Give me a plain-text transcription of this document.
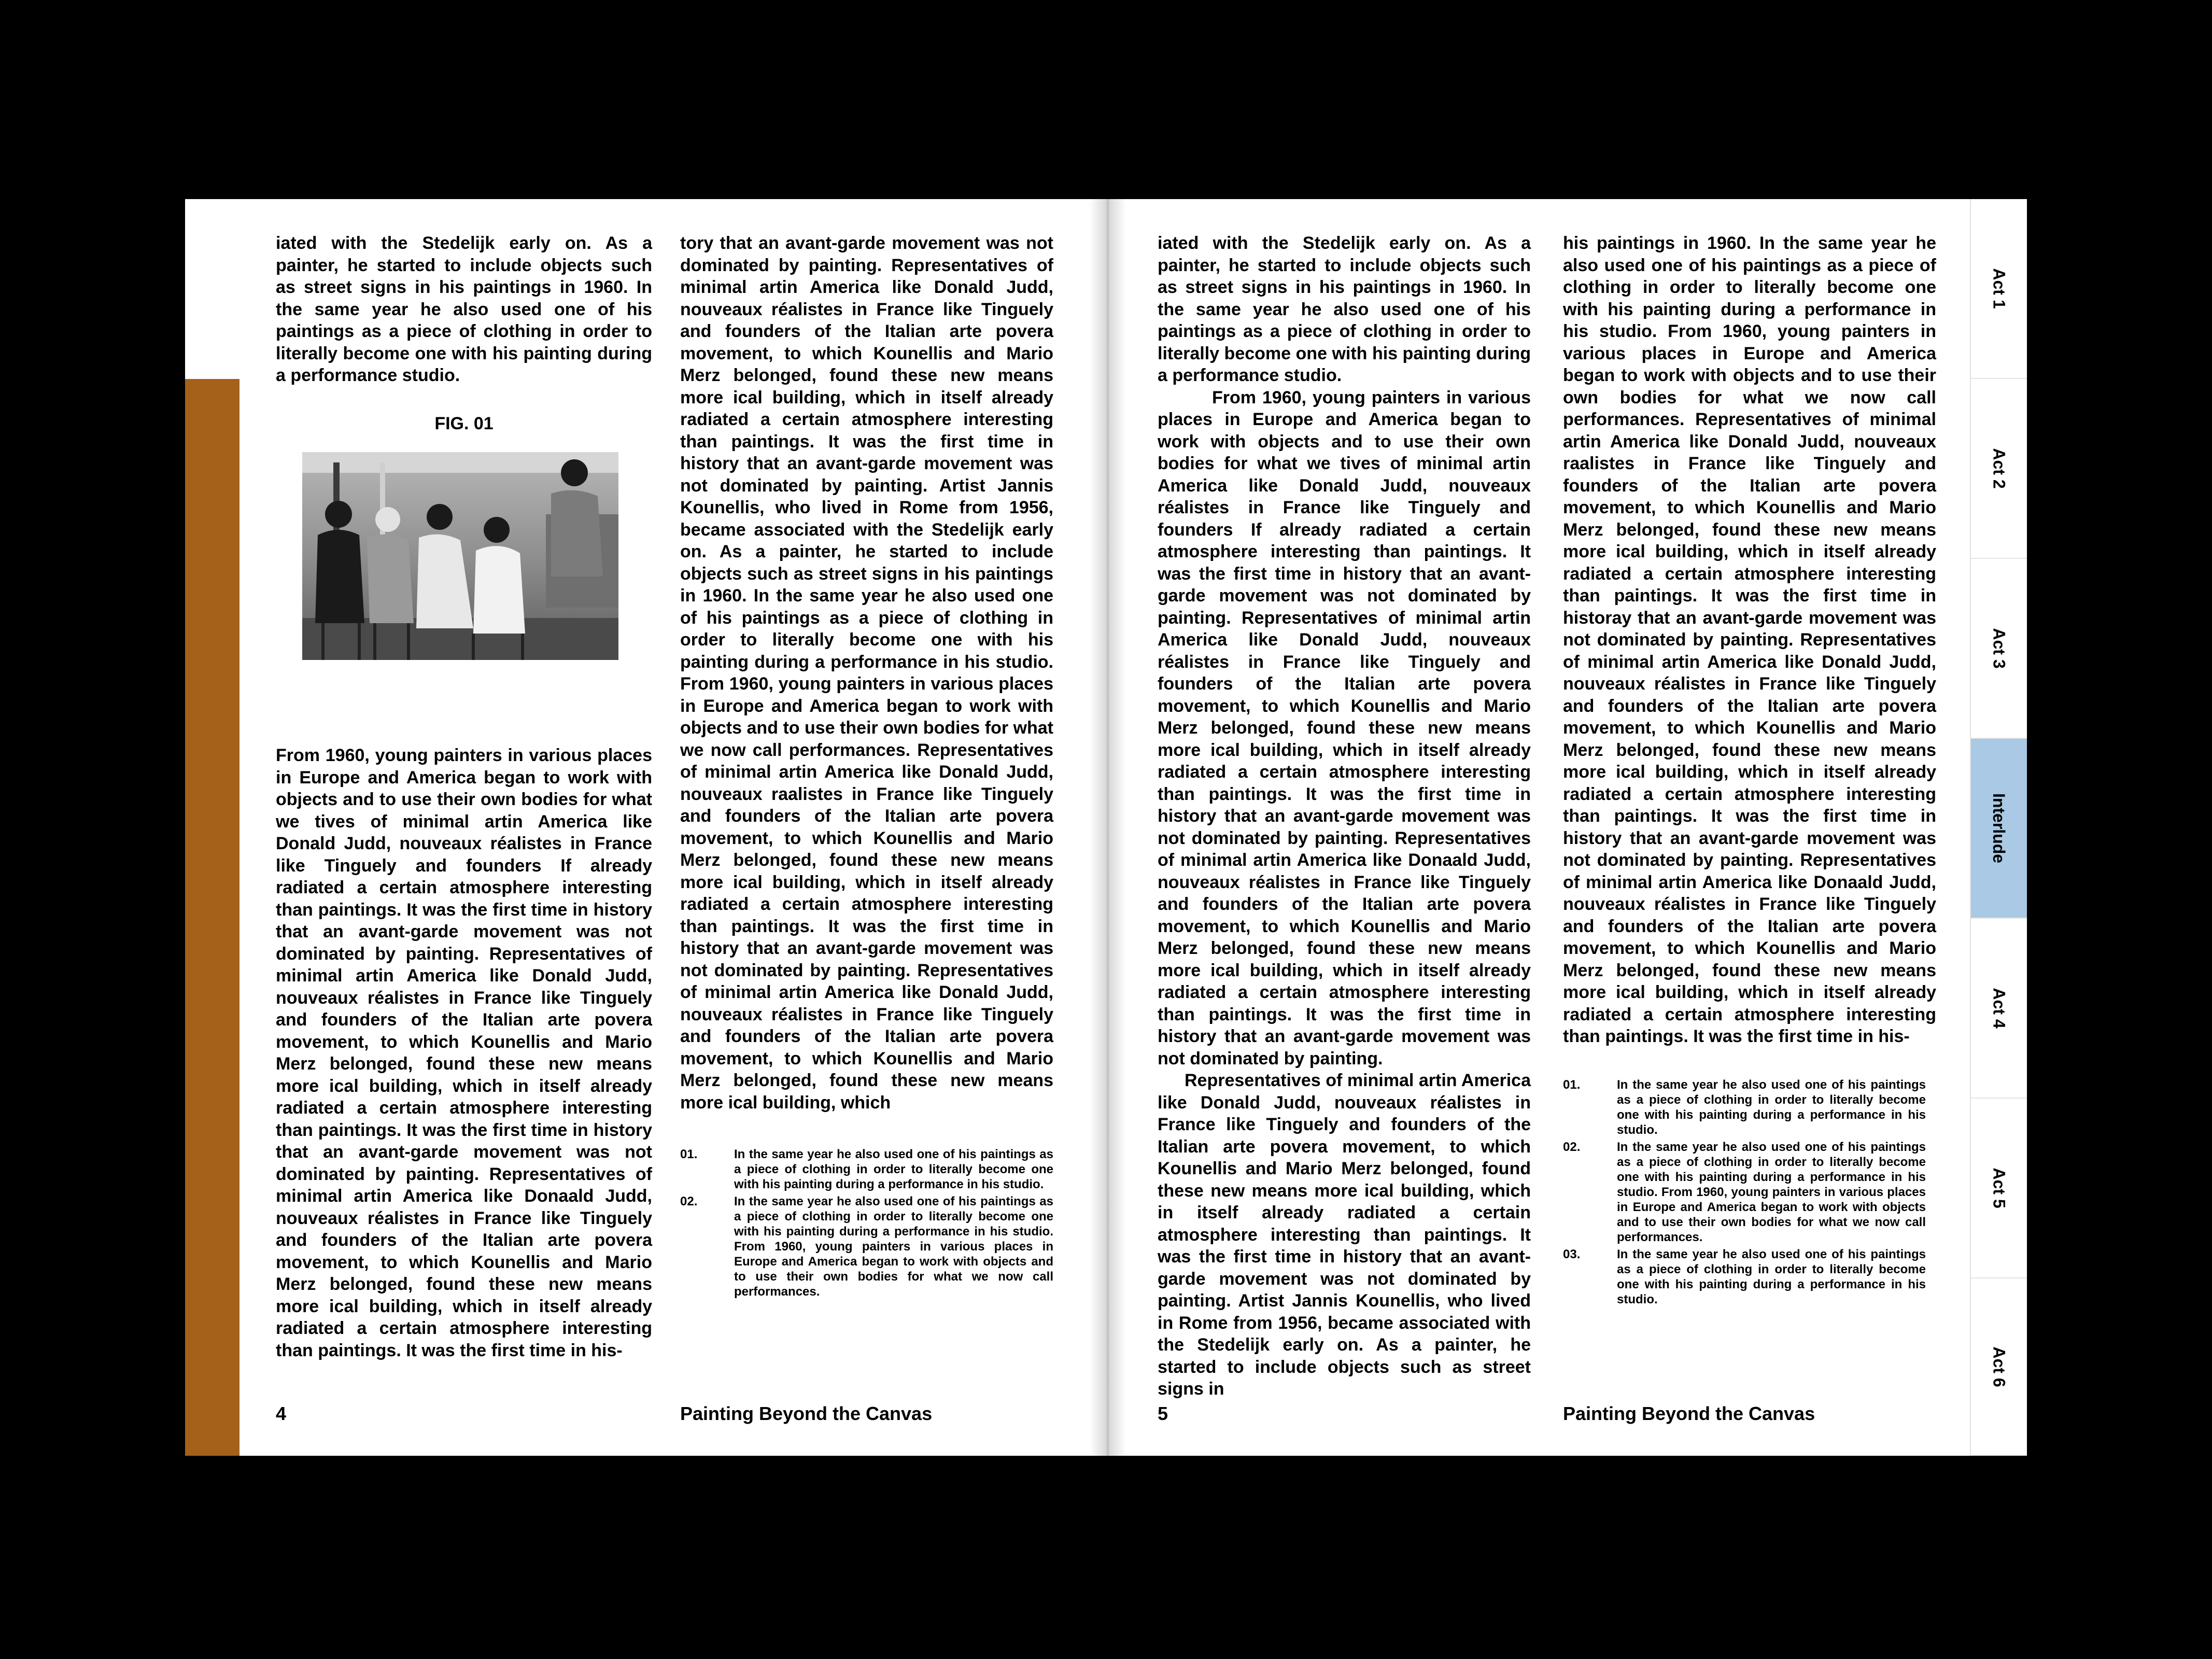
iated with the Stedelijk early on. As a painter, he started to include objects such as street signs in his paintings in 1960. In the same year he also used one of his paintings as a piece of clothing in order to literally become one with his painting during a performance studio.

FIG. 01

From 1960, young painters in various places in Europe and America began to work with objects and to use their own bodies for what we tives of minimal artin America like Donald Judd, nouveaux réalistes in France like Tinguely and founders If already radiated a certain atmosphere interesting than paintings. It was the first time in history that an avant-garde movement was not dominated by painting. Representatives of minimal artin America like Donald Judd, nouveaux réalistes in France like Tinguely and founders of the Italian arte povera movement, to which Kounellis and Mario Merz belonged, found these new means more ical building, which in itself already radiated a certain atmosphere interesting than paintings. It was the first time in history that an avant-garde movement was not dominated by painting. Representatives of minimal artin America like Donaald Judd, nouveaux réalistes in France like Tinguely and founders of the Italian arte povera movement, to which Kounellis and Mario Merz belonged, found these new means more ical building, which in itself already radiated a certain atmosphere interesting than paintings. It was the first time in his-

tory that an avant-garde movement was not dominated by painting. Representatives of minimal artin America like Donald Judd, nouveaux réalistes in France like Tinguely and founders of the Italian arte povera movement, to which Kounellis and Mario Merz belonged, found these new means more ical building, which in itself already radiated a certain atmosphere interesting than paintings. It was the first time in history that an avant-garde movement was not dominated by painting. Artist Jannis Kounellis, who lived in Rome from 1956, became associated with the Stedelijk early on. As a painter, he started to include objects such as street signs in his paintings in 1960. In the same year he also used one of his paintings as a piece of clothing in order to literally become one with his painting during a performance in his studio. From 1960, young painters in various places in Europe and America began to work with objects and to use their own bodies for what we now call performances. Representatives of minimal artin America like Donald Judd, nouveaux raalistes in France like Tinguely and founders of the Italian arte povera movement, to which Kounellis and Mario Merz belonged, found these new means more ical building, which in itself already radiated a certain atmosphere interesting than paintings. It was the first time in history that an avant-garde movement was not dominated by painting. Representatives of minimal artin America like Donald Judd, nouveaux réalistes in France like Tinguely and founders of the Italian arte povera movement, to which Kounellis and Mario Merz belonged, found these new means more ical building, which

01.	In the same year he also used one of his paintings as a piece of clothing in order to literally become one with his painting during a performance in his studio.
02.	In the same year he also used one of his paintings as a piece of clothing in order to literally become one with his painting during a performance in his studio. From 1960, young painters in various places in Europe and America began to work with objects and to use their own bodies for what we now call performances.
4	Painting Beyond the Canvas

iated with the Stedelijk early on. As a painter, he started to include objects such as street signs in his paintings in 1960. In the same year he also used one of his paintings as a piece of clothing in order to literally become one with his painting during a performance studio.

From 1960, young painters in various places in Europe and America began to work with objects and to use their own bodies for what we tives of minimal artin America like Donald Judd, nouveaux réalistes in France like Tinguely and founders If already radiated a certain atmosphere interesting than paintings. It was the first time in history that an avant-garde movement was not dominated by painting. Representatives of minimal artin America like Donald Judd, nouveaux réalistes in France like Tinguely and founders of the Italian arte povera movement, to which Kounellis and Mario Merz belonged, found these new means more ical building, which in itself already radiated a certain atmosphere interesting than paintings. It was the first time in history that an avant-garde movement was not dominated by painting. Representatives of minimal artin America like Donaald Judd, nouveaux réalistes in France like Tinguely and founders of the Italian arte povera movement, to which Kounellis and Mario Merz belonged, found these new means more ical building, which in itself already radiated a certain atmosphere interesting than paintings. It was the first time in history that an avant-garde movement was not dominated by painting.

Representatives of minimal artin America like Donald Judd, nouveaux réalistes in France like Tinguely and founders of the Italian arte povera movement, to which Kounellis and Mario Merz belonged, found these new means more ical building, which in itself already radiated a certain atmosphere interesting than paintings. It was the first time in history that an avant-garde movement was not dominated by painting. Artist Jannis Kounellis, who lived in Rome from 1956, became associated with the Stedelijk early on. As a painter, he started to include objects such as street signs in

his paintings in 1960. In the same year he also used one of his paintings as a piece of clothing in order to literally become one with his painting during a performance in his studio. From 1960, young painters in various places in Europe and America began to work with objects and to use their own bodies for what we now call performances. Representatives of minimal artin America like Donald Judd, nouveaux raalistes in France like Tinguely and founders of the Italian arte povera movement, to which Kounellis and Mario Merz belonged, found these new means more ical building, which in itself already radiated a certain atmosphere interesting than paintings. It was the first time in historay that an avant-garde movement was not dominated by painting. Representatives of minimal artin America like Donald Judd, nouveaux réalistes in France like Tinguely and founders of the Italian arte povera movement, to which Kounellis and Mario Merz belonged, found these new means more ical building, which in itself already radiated a certain atmosphere interesting than paintings. It was the first time in history that an avant-garde movement was not dominated by painting. Representatives of minimal artin America like Donaald Judd, nouveaux réalistes in France like Tinguely and founders of the Italian arte povera movement, to which Kounellis and Mario Merz belonged, found these new means more ical building, which in itself already radiated a certain atmosphere interesting than paintings. It was the first time in his-

01.	In the same year he also used one of his paintings as a piece of clothing in order to literally become one with his painting during a performance in his studio.
02.	In the same year he also used one of his paintings as a piece of clothing in order to literally become one with his painting during a performance in his studio. From 1960, young painters in various places in Europe and America began to work with objects and to use their own bodies for what we now call performances.
03.	In the same year he also used one of his paintings as a piece of clothing in order to literally become one with his painting during a performance in his studio.
5	Painting Beyond the Canvas
Act 1
Act 2
Act 3
Interlude
Act 4
Act 5
Act 6
